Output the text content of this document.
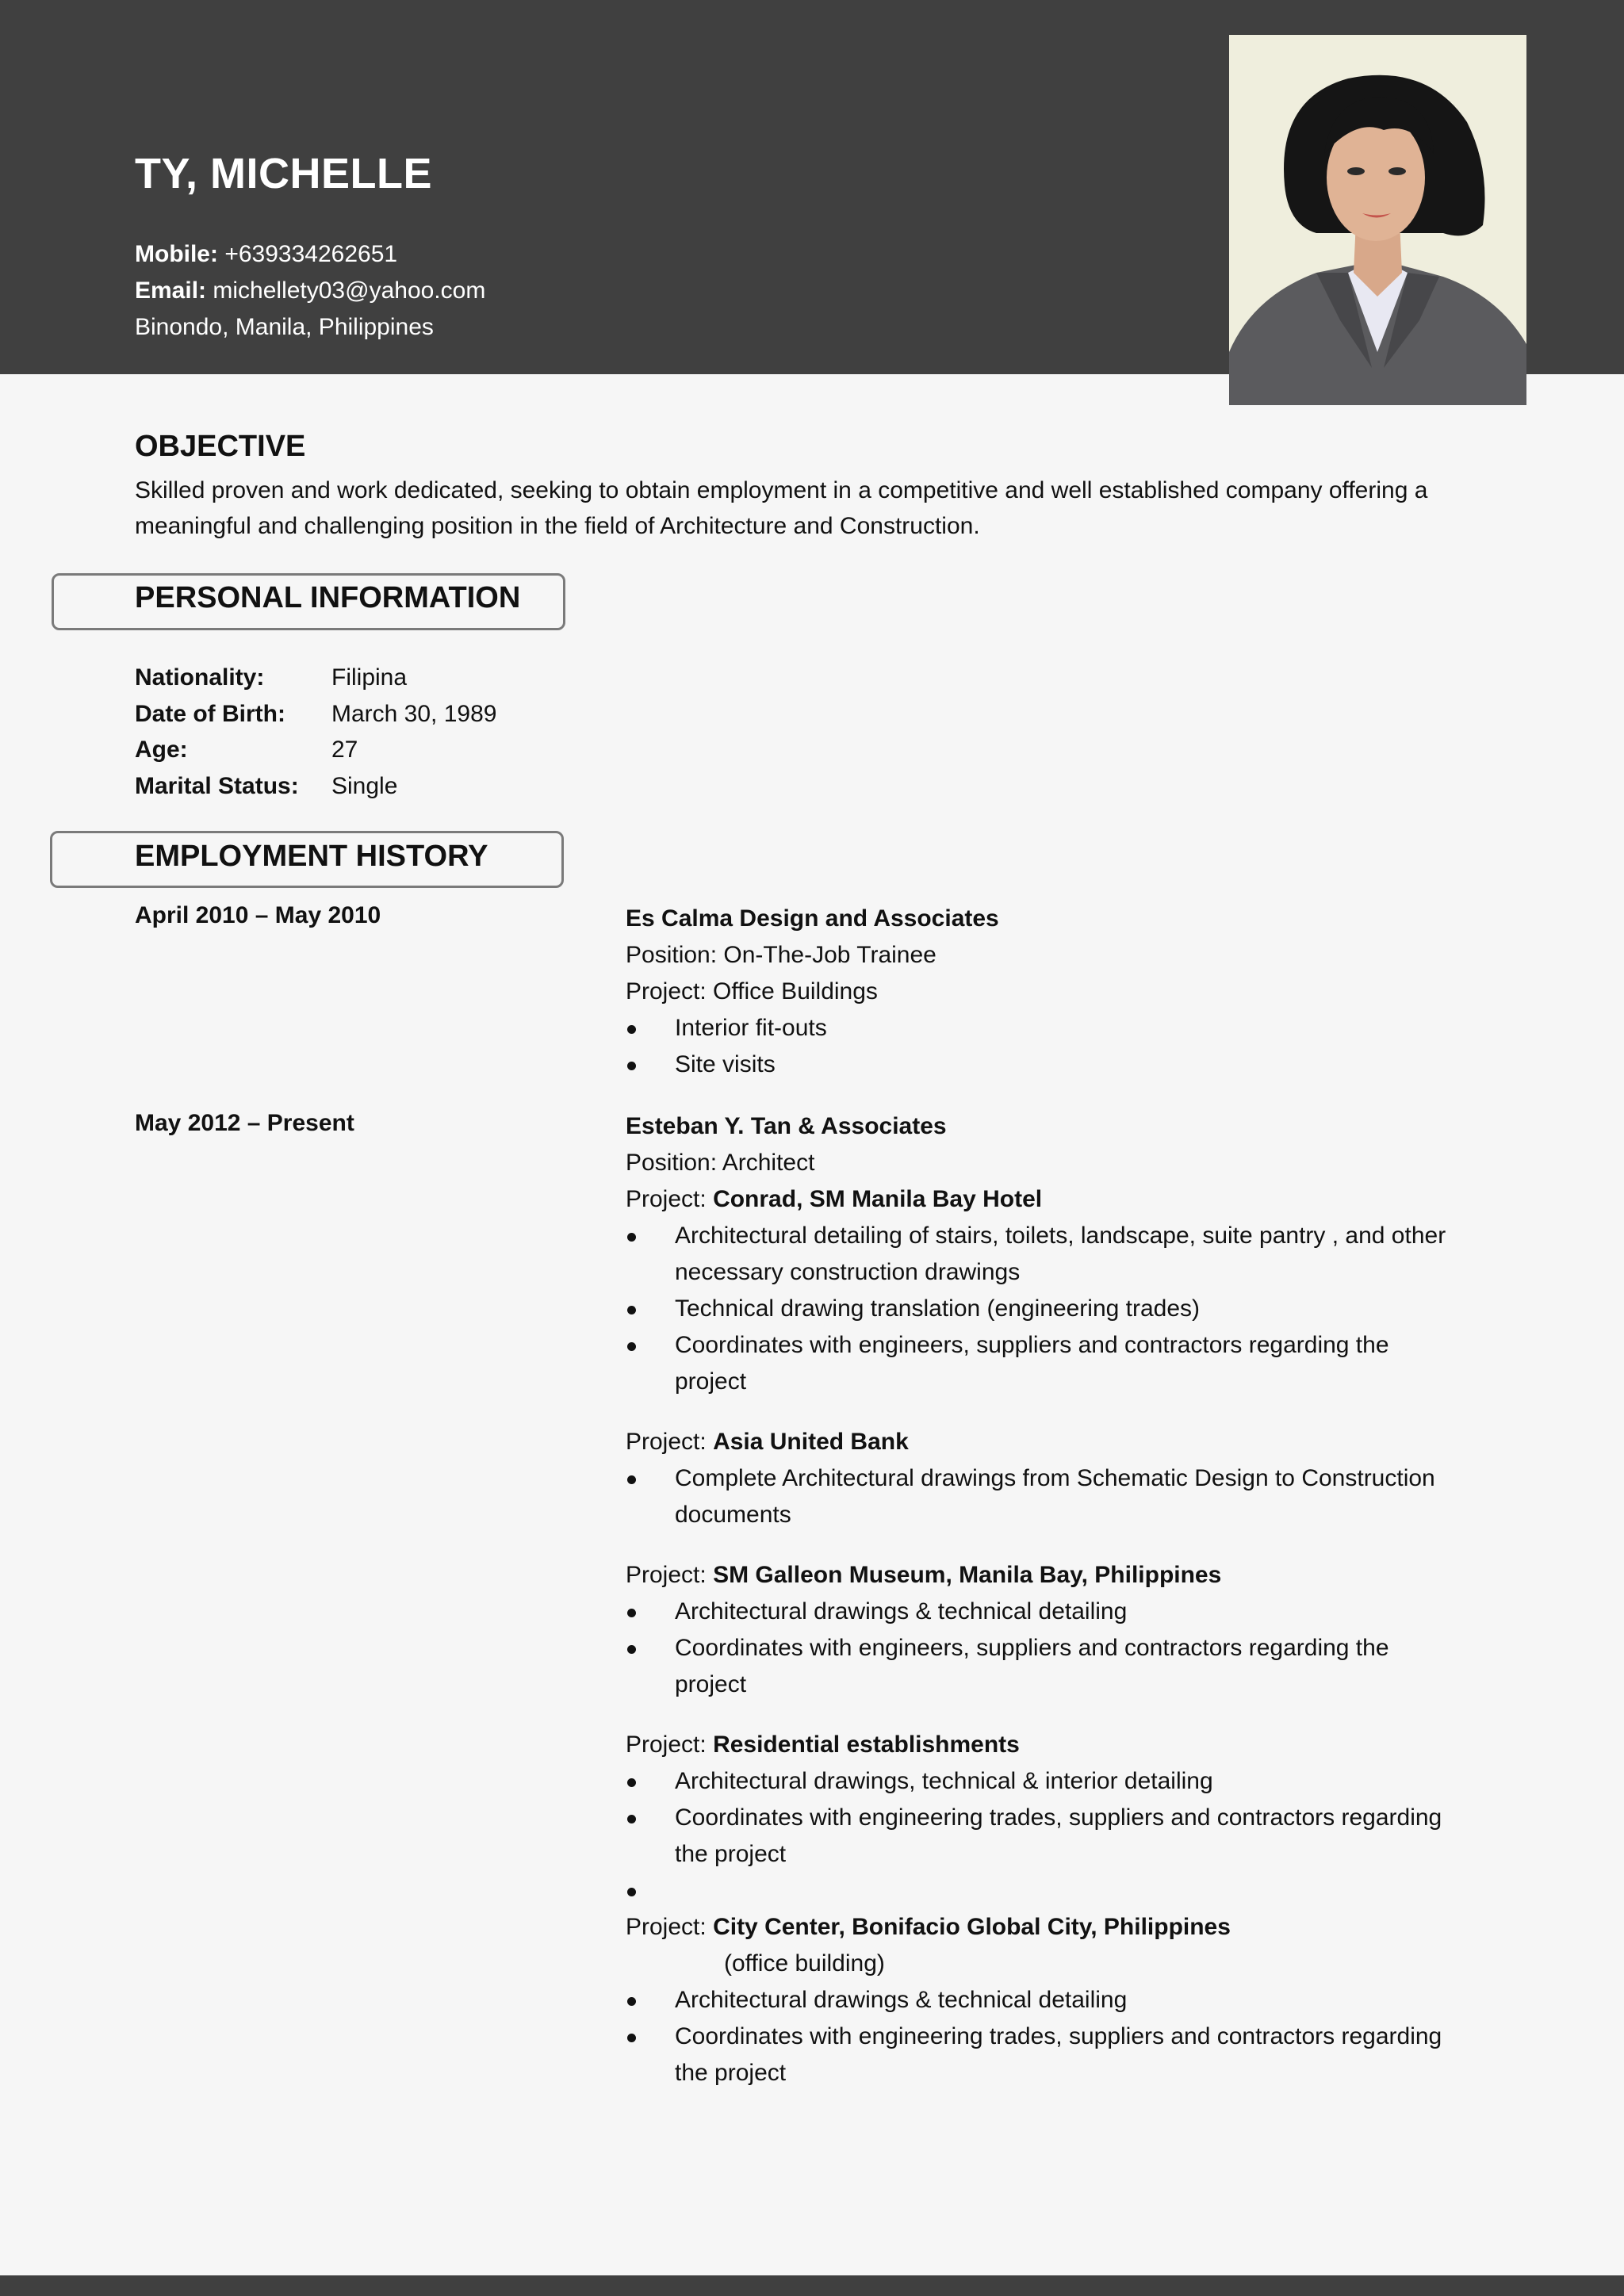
TY, MICHELLE
Mobile: +639334262651
Email: michellety03@yahoo.com
Binondo, Manila, Philippines
OBJECTIVE
Skilled proven and work dedicated, seeking to obtain employment in a competitive and well established company offering a meaningful and challenging position in the field of Architecture and Construction.
PERSONAL INFORMATION
Nationality:	Filipina
Date of Birth:	March 30, 1989
Age:	27
Marital Status:	Single
EMPLOYMENT HISTORY
April 2010 – May 2010	Es Calma Design and Associates
Position: On-The-Job Trainee
Project: Office Buildings
Interior fit-outs
Site visits
May 2012 – Present	Esteban Y. Tan & Associates
Position: Architect
Project: Conrad, SM Manila Bay Hotel
Architectural detailing of stairs, toilets, landscape, suite pantry , and other necessary construction drawings
Technical drawing translation (engineering trades)
Coordinates with engineers, suppliers and contractors regarding the project
Project: Asia United Bank
Complete Architectural drawings from Schematic Design to Construction documents
Project: SM Galleon Museum, Manila Bay, Philippines
Architectural drawings & technical detailing
Coordinates with engineers, suppliers and contractors regarding the project
Project: Residential establishments
Architectural drawings, technical & interior detailing
Coordinates with engineering trades, suppliers and contractors regarding the project

Project: City Center, Bonifacio Global City, Philippines
(office building)
Architectural drawings & technical detailing
Coordinates with engineering trades, suppliers and contractors regarding the project
